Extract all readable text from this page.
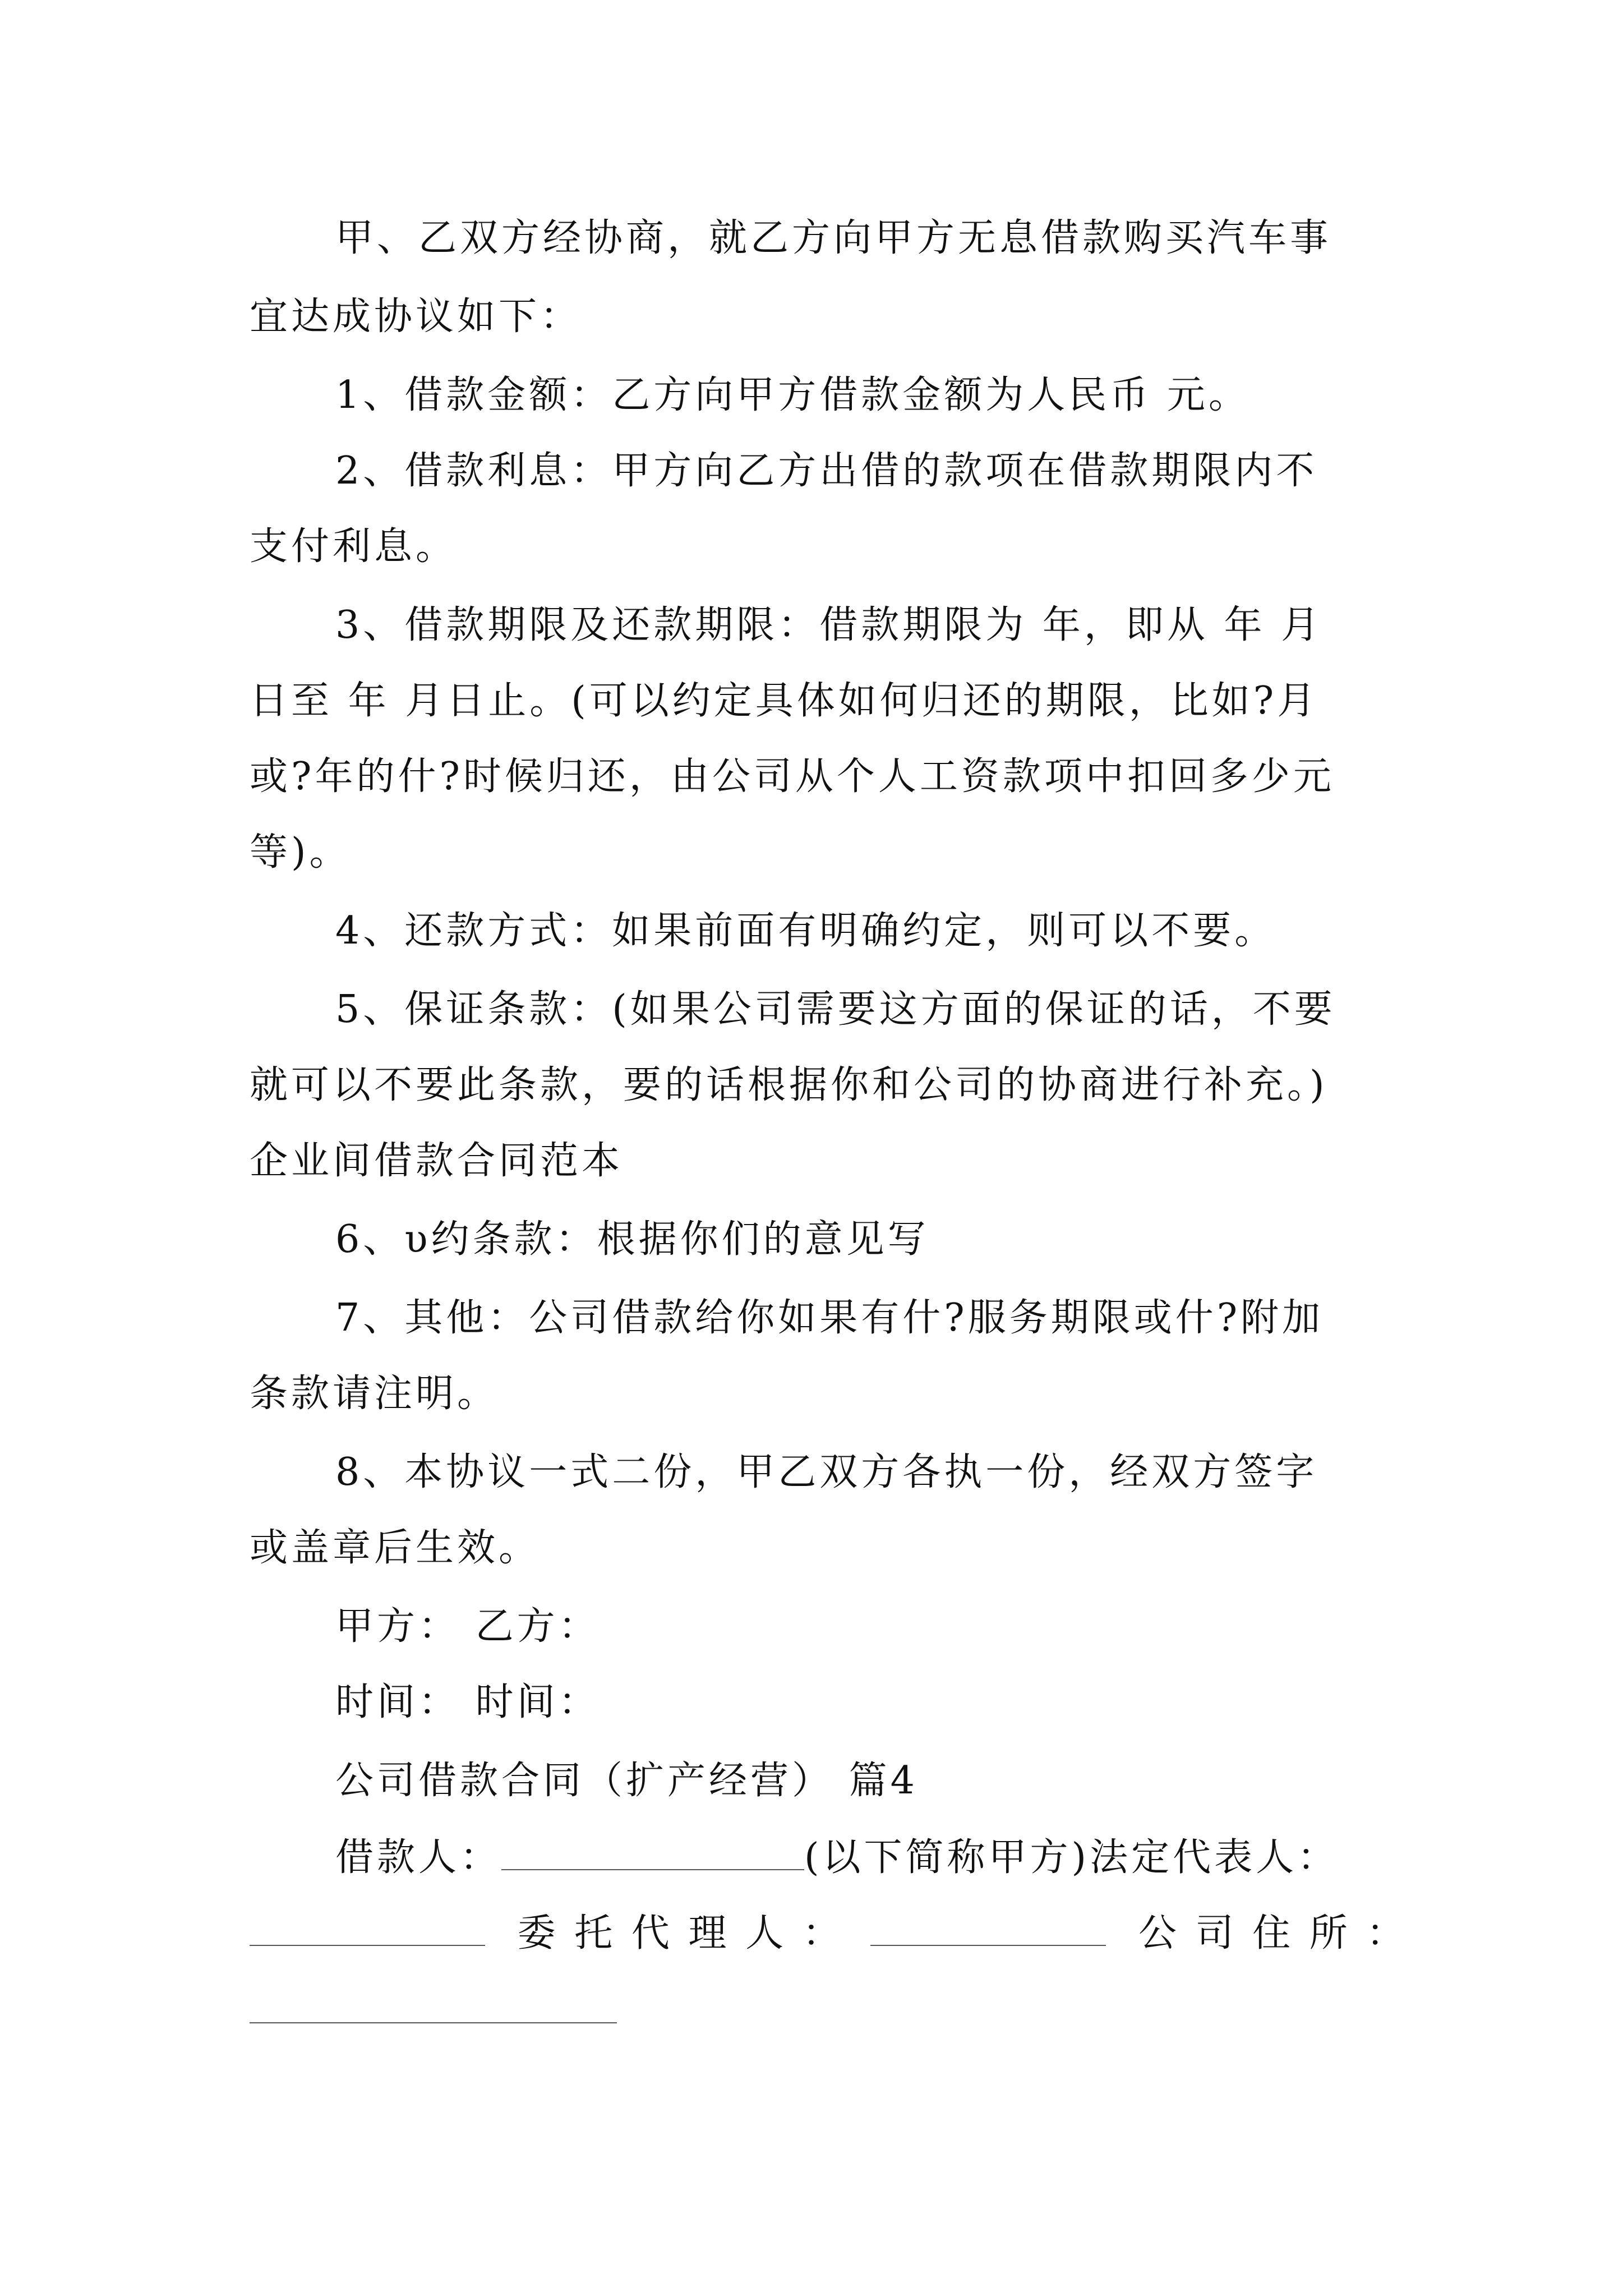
甲、乙双方经协商，就乙方向甲方无息借款购买汽车事
宜达成协议如下：
1、借款金额：乙方向甲方借款金额为人民币 元。
2、借款利息：甲方向乙方出借的款项在借款期限内不
支付利息。
3、借款期限及还款期限：借款期限为 年，即从 年 月
日至 年 月日止。(可以约定具体如何归还的期限，比如?月
或?年的什?时候归还，由公司从个人工资款项中扣回多少元
等)。
4、还款方式：如果前面有明确约定，则可以不要。
5、保证条款：(如果公司需要这方面的保证的话，不要
就可以不要此条款，要的话根据你和公司的协商进行补充。)
企业间借款合同范本
6、υ约条款：根据你们的意见写
7、其他：公司借款给你如果有什?服务期限或什?附加
条款请注明。
8、本协议一式二份，甲乙双方各执一份，经双方签字
或盖章后生效。
甲方： 乙方：
时间： 时间：
公司借款合同（扩产经营） 篇4
借款人：	(以下简称甲方)法定代表人：
委 托 代 理 人 ：	公 司 住 所 ：
